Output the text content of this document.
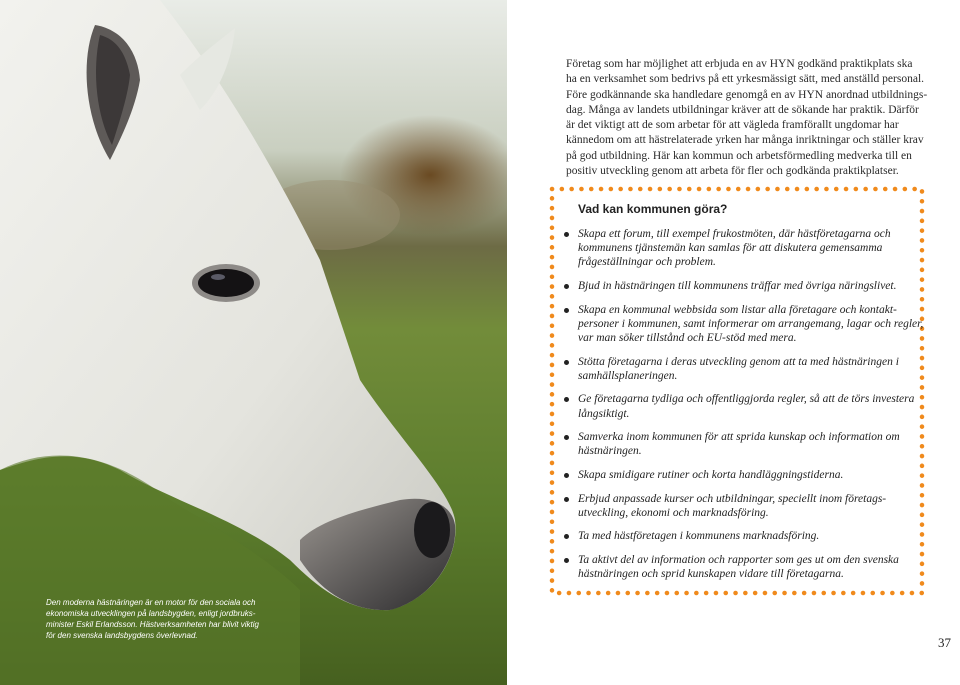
Den moderna hästnäringen är en motor för den sociala och
ekonomiska utvecklingen på landsbygden, enligt jordbruks-
minister Eskil Erlandsson. Hästverksamheten har blivit viktig
för den svenska landsbygdens överlevnad.
Företag som har möjlighet att erbjuda en av HYN godkänd praktikplats ska
ha en verksamhet som bedrivs på ett yrkesmässigt sätt, med anställd personal.
Före godkännande ska handledare genomgå en av HYN anordnad utbildnings-
dag. Många av landets utbildningar kräver att de sökande har praktik. Därför
är det viktigt att de som arbetar för att vägleda framförallt ungdomar har
kännedom om att hästrelaterade yrken har många inriktningar och ställer krav
på god utbildning. Här kan kommun och arbetsförmedling medverka till en
positiv utveckling genom att arbeta för fler och godkända praktikplatser.
Vad kan kommunen göra?
Skapa ett forum, till exempel frukostmöten, där hästföretagarna och
kommunens tjänstemän kan samlas för att diskutera gemensamma
frågeställningar och problem.
Bjud in hästnäringen till kommunens träffar med övriga näringslivet.
Skapa en kommunal webbsida som listar alla företagare och kontakt-
personer i kommunen, samt informerar om arrangemang, lagar och regler,
var man söker tillstånd och EU-stöd med mera.
Stötta företagarna i deras utveckling genom att ta med hästnäringen i
samhällsplaneringen.
Ge företagarna tydliga och offentliggjorda regler, så att de törs investera
långsiktigt.
Samverka inom kommunen för att sprida kunskap och information om
hästnäringen.
Skapa smidigare rutiner och korta handläggningstiderna.
Erbjud anpassade kurser och utbildningar, speciellt inom företags-
utveckling, ekonomi och marknadsföring.
Ta med hästföretagen i kommunens marknadsföring.
Ta aktivt del av information och rapporter som ges ut om den svenska
hästnäringen och sprid kunskapen vidare till företagarna.
37
